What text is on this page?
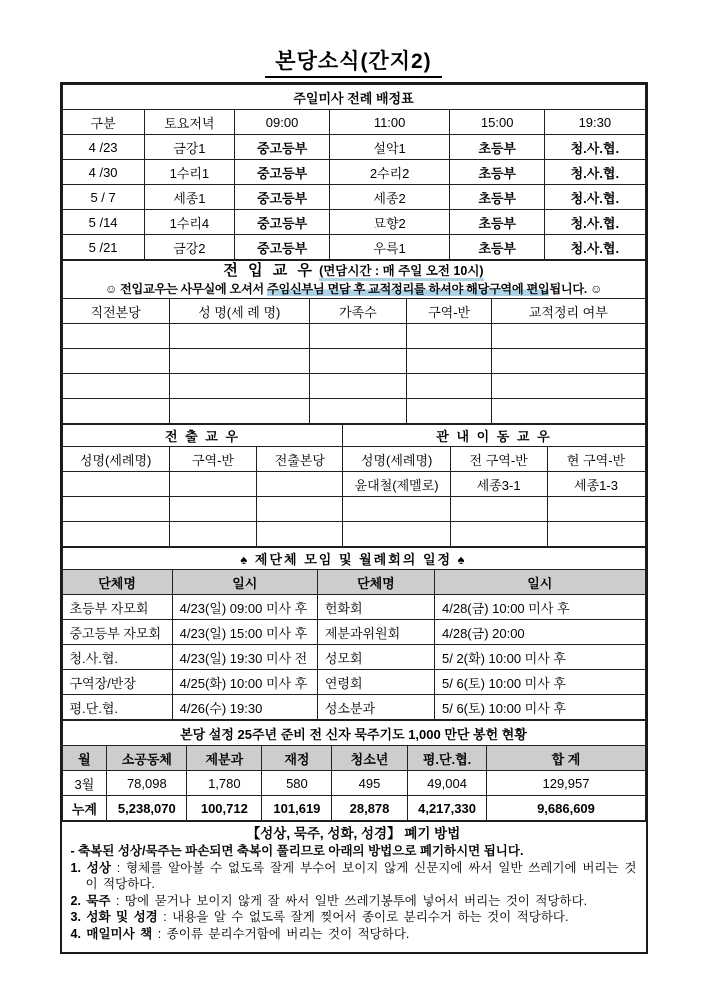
본당소식(간지2)
주일미사 전례 배정표					
구분	토요저녁	09:00	11:00	15:00	19:30
4 /23	금강1	중고등부	설악1	초등부	청.사.협.
4 /30	1수리1	중고등부	2수리2	초등부	청.사.협.
5 / 7	세종1	중고등부	세종2	초등부	청.사.협.
5 /14	1수리4	중고등부	묘향2	초등부	청.사.협.
5 /21	금강2	중고등부	우륵1	초등부	청.사.협.
전 입 교 우 (면담시간 : 매 주일 오전 10시)
☺ 전입교우는 사무실에 오셔서 주임신부님 면담 후 교적정리를 하셔야 해당구역에 편입됩니다. ☺				

직전본당	성 명(세 례 명)	가족수	구역-반	교적정리 여부

전 출 교 우			관 내 이 동 교 우		
성명(세례명)	구역-반	전출본당	성명(세례명)	전 구역-반	현 구역-반
			윤대철(제멜로)	세종3-1	세종1-3

♠ 제단체 모임 및 월례회의 일정 ♠			
단체명	일시	단체명	일시
초등부 자모회	4/23(일) 09:00 미사 후	헌화회	4/28(금) 10:00 미사 후
중고등부 자모회	4/23(일) 15:00 미사 후	제분과위원회	4/28(금) 20:00
청.사.협.	4/23(일) 19:30 미사 전	성모회	5/ 2(화) 10:00 미사 후
구역장/반장	4/25(화) 10:00 미사 후	연령회	5/ 6(토) 10:00 미사 후
평.단.협.	4/26(수) 19:30	성소분과	5/ 6(토) 10:00 미사 후
본당 설정 25주년 준비 전 신자 묵주기도 1,000 만단 봉헌 현황						
월	소공동체	제분과	재정	청소년	평.단.협.	합 계
3월	78,098	1,780	580	495	49,004	129,957
누계	5,238,070	100,712	101,619	28,878	4,217,330	9,686,609
【성상, 묵주, 성화, 성경】 폐기 방법
- 축복된 성상/묵주는 파손되면 축복이 풀리므로 아래의 방법으로 폐기하시면 됩니다.
1. 성상 : 형체를 알아볼 수 없도록 잘게 부수어 보이지 않게 신문지에 싸서 일반 쓰레기에 버리는 것이 적당하다.
2. 묵주 : 땅에 묻거나 보이지 않게 잘 싸서 일반 쓰레기봉투에 넣어서 버리는 것이 적당하다.
3. 성화 및 성경 : 내용을 알 수 없도록 잘게 찢어서 종이로 분리수거 하는 것이 적당하다.
4. 매일미사 책 : 종이류 분리수거함에 버리는 것이 적당하다.
